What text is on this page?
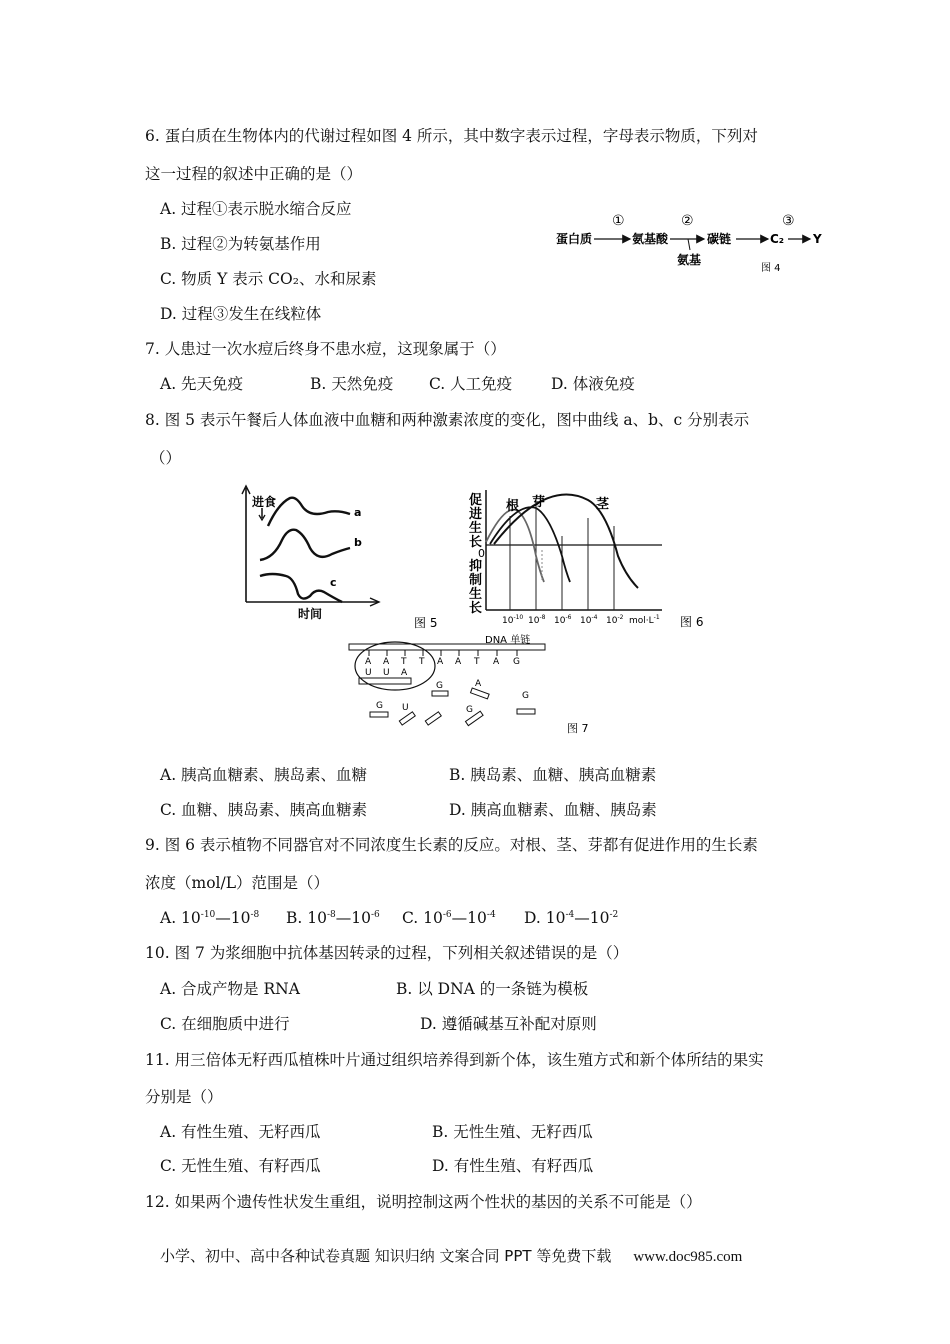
6. 蛋白质在生物体内的代谢过程如图 4 所示，其中数字表示过程，字母表示物质，下列对
这一过程的叙述中正确的是（）
A. 过程①表示脱水缩合反应
B. 过程②为转氨基作用
C. 物质 Y 表示 CO₂、水和尿素
D. 过程③发生在线粒体
①	②	③
蛋白质	氨基酸	碳链
氨基
C₂ Y
图 4
7. 人患过一次水痘后终身不患水痘，这现象属于（）
A. 先天免疫	B. 天然免疫 C. 人工免疫	D. 体液免疫
8. 图 5 表示午餐后人体血液中血糖和两种激素浓度的变化，图中曲线 a、b、c 分别表示
（）
进食
a
b
c
时间
图 5
促
进
生
长
0
抑
制
生
长
根 芽	茎
$10^{-10}$ $10^{-8}$ $10^{-6}$ $10^{-4}$ $10^{-2}$ $mol\cdot L^{-1}$ 图 6
DNA 单链
A A T T A A T A G
U U A
G	A
G U	G
G
图 7
A. 胰高血糖素、胰岛素、血糖	B. 胰岛素、血糖、胰高血糖素
C. 血糖、胰岛素、胰高血糖素	D. 胰高血糖素、血糖、胰岛素
9. 图 6 表示植物不同器官对不同浓度生长素的反应。对根、茎、芽都有促进作用的生长素
浓度（mol/L）范围是（）
A. $10^{-10}—10^{-8}$ B. $10^{-8}—10^{-6}$ C. $10^{-6}—10^{-4}$ D. $10^{-4}—10^{-2}$
10. 图 7 为浆细胞中抗体基因转录的过程，下列相关叙述错误的是（）
A. 合成产物是 RNA	B. 以 DNA 的一条链为模板
C. 在细胞质中进行	D. 遵循碱基互补配对原则
11. 用三倍体无籽西瓜植株叶片通过组织培养得到新个体，该生殖方式和新个体所结的果实
分别是（）
A. 有性生殖、无籽西瓜	B. 无性生殖、无籽西瓜
C. 无性生殖、有籽西瓜	D. 有性生殖、有籽西瓜
12. 如果两个遗传性状发生重组，说明控制这两个性状的基因的关系不可能是（）
小学、初中、高中各种试卷真题 知识归纳 文案合同 PPT 等免费下载 www.doc985.com
